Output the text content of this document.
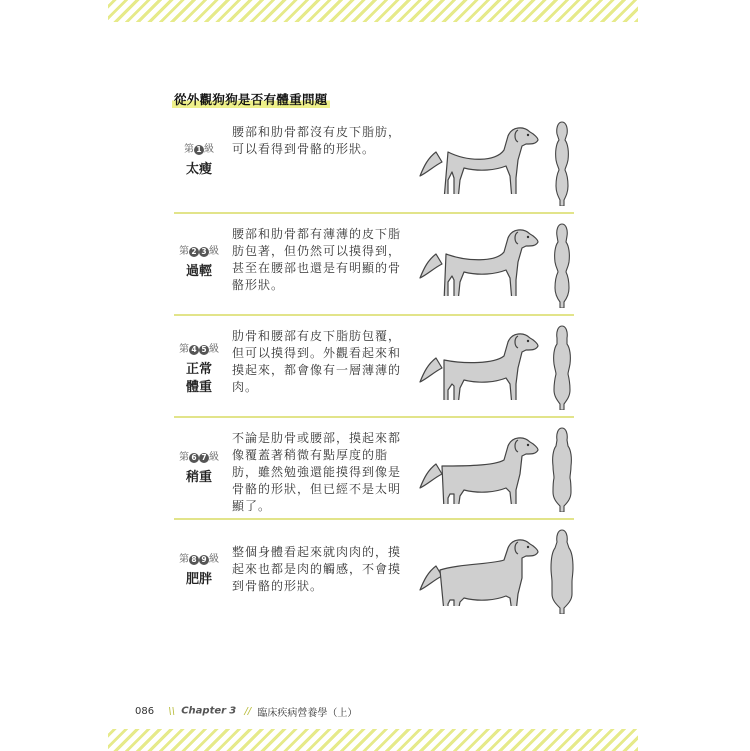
從外觀狗狗是否有體重問題
第 1 級
太瘦

腰部和肋骨都沒有皮下脂肪，可以看得到骨骼的形狀。

第 2 3 級
過輕

腰部和肋骨都有薄薄的皮下脂肪包著，但仍然可以摸得到，甚至在腰部也還是有明顯的骨骼形狀。

第 4 5 級
正常
體重

肋骨和腰部有皮下脂肪包覆，但可以摸得到。外觀看起來和摸起來，都會像有一層薄薄的肉。

第 6 7 級
稍重

不論是肋骨或腰部，摸起來都像覆蓋著稍微有點厚度的脂肪，雖然勉強還能摸得到像是骨骼的形狀，但已經不是太明顯了。

第 8 9 級
肥胖

整個身體看起來就肉肉的，摸起來也都是肉的觸感，不會摸到骨骼的形狀。

086 \\ Chapter 3 // 臨床疾病營養學（上）
